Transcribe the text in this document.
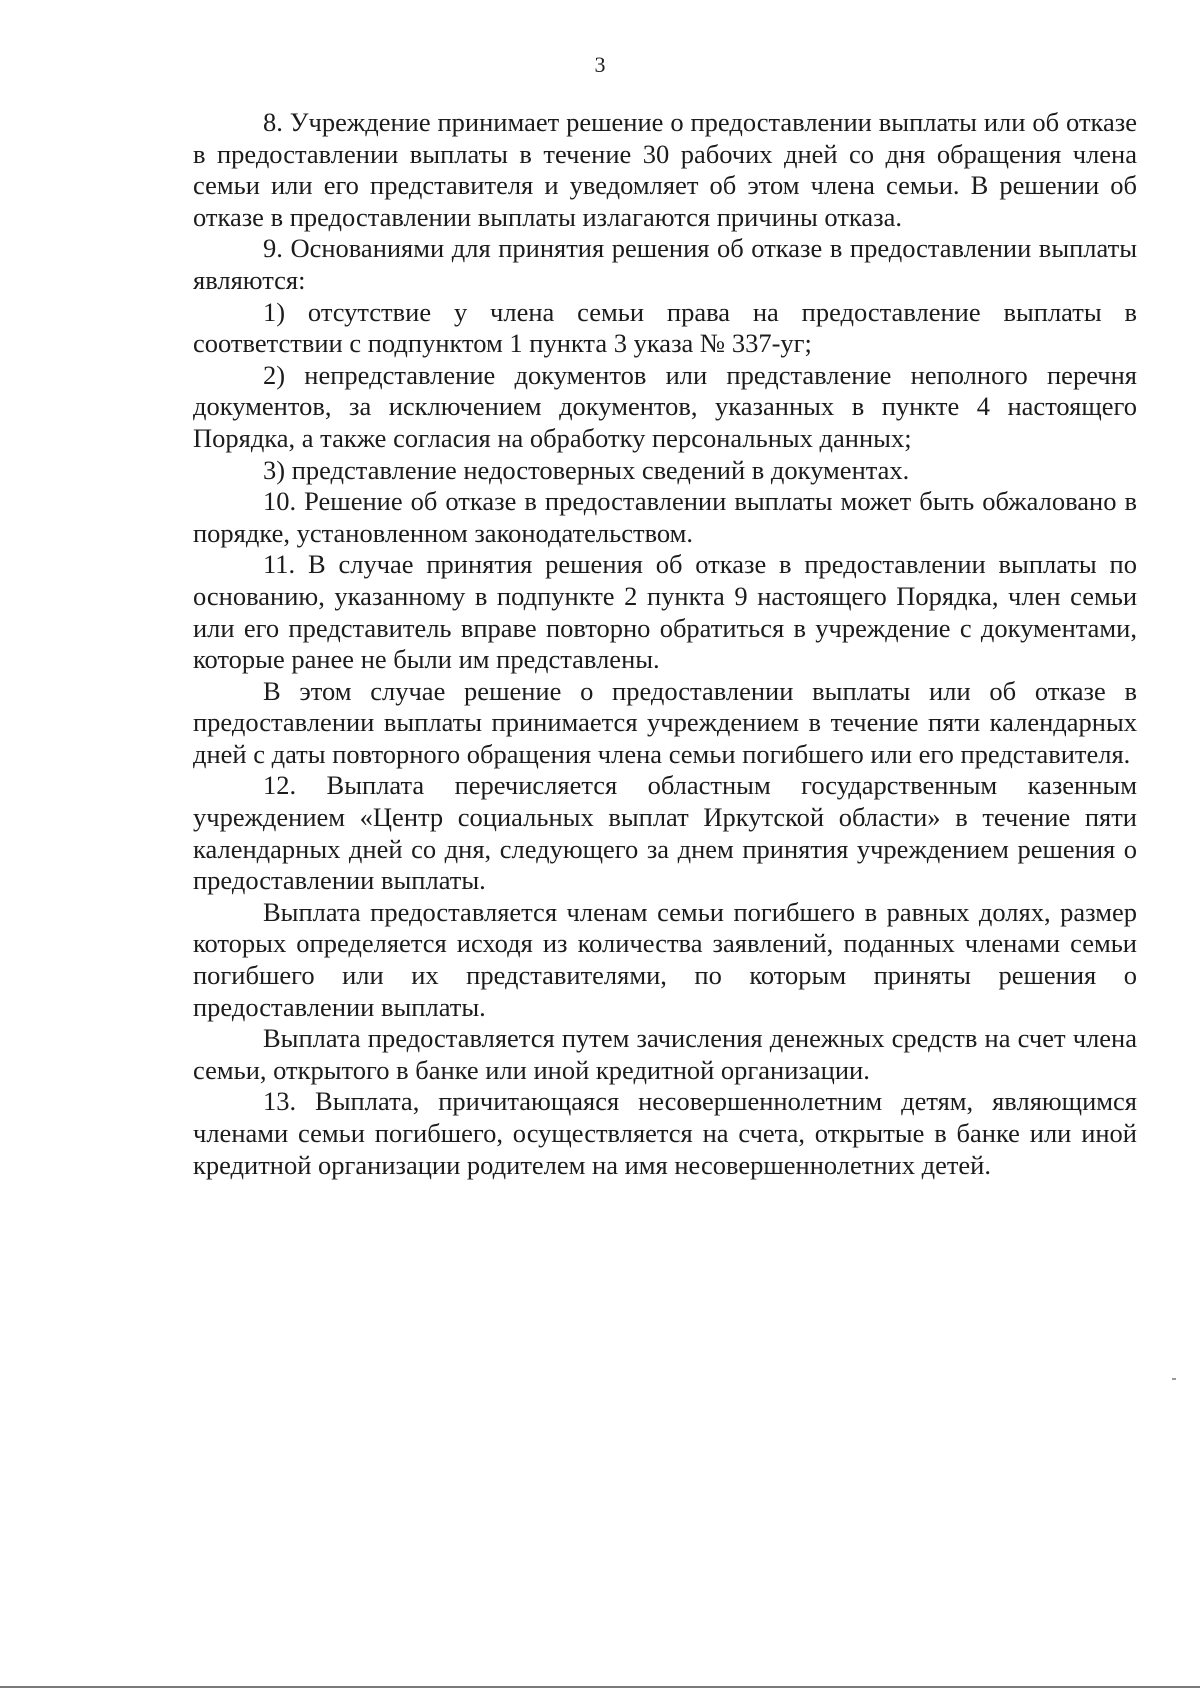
3

8. Учреждение принимает решение о предоставлении выплаты или об отказе в предоставлении выплаты в течение 30 рабочих дней со дня обращения члена семьи или его представителя и уведомляет об этом члена семьи. В решении об отказе в предоставлении выплаты излагаются причины отказа.

9. Основаниями для принятия решения об отказе в предоставлении выплаты являются:

1) отсутствие у члена семьи права на предоставление выплаты в соответствии с подпунктом 1 пункта 3 указа № 337-уг;

2) непредставление документов или представление неполного перечня документов, за исключением документов, указанных в пункте 4 настоящего Порядка, а также согласия на обработку персональных данных;

3) представление недостоверных сведений в документах.

10. Решение об отказе в предоставлении выплаты может быть обжаловано в порядке, установленном законодательством.

11. В случае принятия решения об отказе в предоставлении выплаты по основанию, указанному в подпункте 2 пункта 9 настоящего Порядка, член семьи или его представитель вправе повторно обратиться в учреждение с документами, которые ранее не были им представлены.

В этом случае решение о предоставлении выплаты или об отказе в предоставлении выплаты принимается учреждением в течение пяти календарных дней с даты повторного обращения члена семьи погибшего или его представителя.

12. Выплата перечисляется областным государственным казенным учреждением «Центр социальных выплат Иркутской области» в течение пяти календарных дней со дня, следующего за днем принятия учреждением решения о предоставлении выплаты.

Выплата предоставляется членам семьи погибшего в равных долях, размер которых определяется исходя из количества заявлений, поданных членами семьи погибшего или их представителями, по которым приняты решения о предоставлении выплаты.

Выплата предоставляется путем зачисления денежных средств на счет члена семьи, открытого в банке или иной кредитной организации.

13. Выплата, причитающаяся несовершеннолетним детям, являющимся членами семьи погибшего, осуществляется на счета, открытые в банке или иной кредитной организации родителем на имя несовершеннолетних детей.
